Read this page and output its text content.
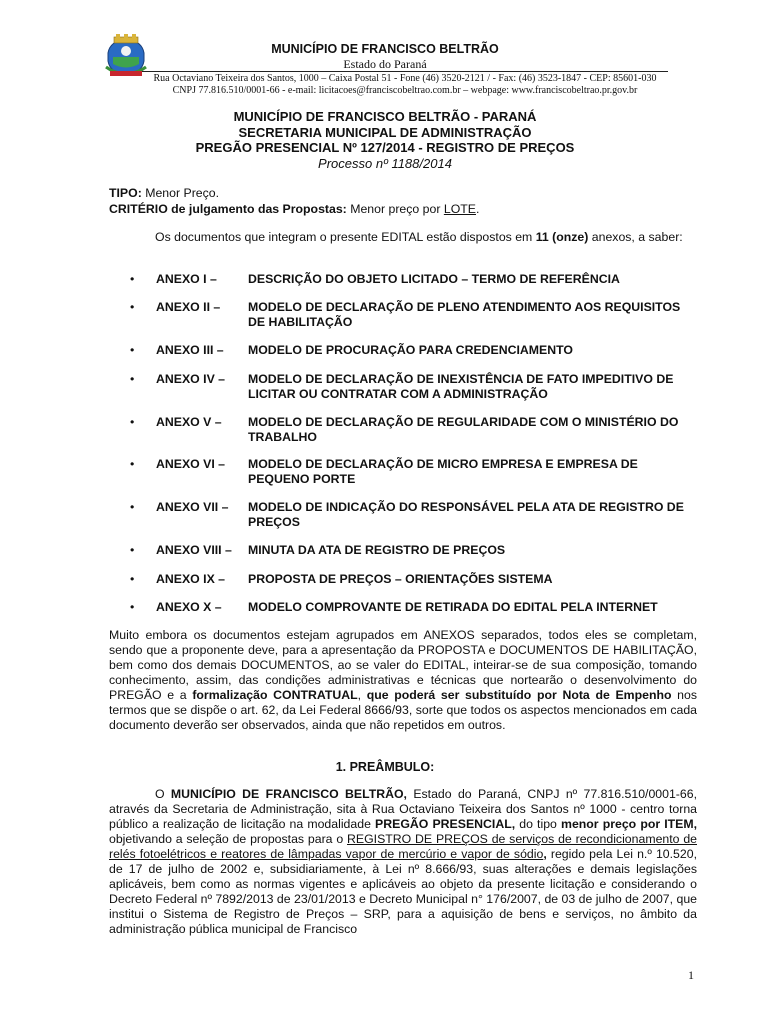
MUNICÍPIO DE FRANCISCO BELTRÃO
Estado do Paraná
Rua Octaviano Teixeira dos Santos, 1000 – Caixa Postal 51 - Fone (46) 3520-2121 / - Fax: (46) 3523-1847 - CEP: 85601-030
CNPJ 77.816.510/0001-66 - e-mail: licitacoes@franciscobeltrao.com.br – webpage: www.franciscobeltrao.pr.gov.br
MUNICÍPIO DE FRANCISCO BELTRÃO - PARANÁ
SECRETARIA MUNICIPAL DE ADMINISTRAÇÃO
PREGÃO PRESENCIAL Nº 127/2014 - REGISTRO DE PREÇOS
Processo nº 1188/2014
TIPO: Menor Preço.
CRITÉRIO de julgamento das Propostas: Menor preço por LOTE.
Os documentos que integram o presente EDITAL estão dispostos em 11 (onze) anexos, a saber:
• ANEXO I –	DESCRIÇÃO DO OBJETO LICITADO – TERMO DE REFERÊNCIA
• ANEXO II – MODELO DE DECLARAÇÃO DE PLENO ATENDIMENTO AOS REQUISITOS DE HABILITAÇÃO
• ANEXO III – MODELO DE PROCURAÇÃO PARA CREDENCIAMENTO
• ANEXO IV – MODELO DE DECLARAÇÃO DE INEXISTÊNCIA DE FATO IMPEDITIVO DE LICITAR OU CONTRATAR COM A ADMINISTRAÇÃO
• ANEXO V – MODELO DE DECLARAÇÃO DE REGULARIDADE COM O MINISTÉRIO DO TRABALHO
• ANEXO VI – MODELO DE DECLARAÇÃO DE MICRO EMPRESA E EMPRESA DE PEQUENO PORTE
• ANEXO VII – MODELO DE INDICAÇÃO DO RESPONSÁVEL PELA ATA DE REGISTRO DE PREÇOS
• ANEXO VIII – MINUTA DA ATA DE REGISTRO DE PREÇOS
• ANEXO IX – PROPOSTA DE PREÇOS – ORIENTAÇÕES SISTEMA
• ANEXO X – MODELO COMPROVANTE DE RETIRADA DO EDITAL PELA INTERNET
Muito embora os documentos estejam agrupados em ANEXOS separados, todos eles se completam, sendo que a proponente deve, para a apresentação da PROPOSTA e DOCUMENTOS DE HABILITAÇÃO, bem como dos demais DOCUMENTOS, ao se valer do EDITAL, inteirar-se de sua composição, tomando conhecimento, assim, das condições administrativas e técnicas que nortearão o desenvolvimento do PREGÃO e a formalização CONTRATUAL, que poderá ser substituído por Nota de Empenho nos termos que se dispõe o art. 62, da Lei Federal 8666/93, sorte que todos os aspectos mencionados em cada documento deverão ser observados, ainda que não repetidos em outros.
1. PREÂMBULO:
O MUNICÍPIO DE FRANCISCO BELTRÃO, Estado do Paraná, CNPJ nº 77.816.510/0001-66, através da Secretaria de Administração, sita à Rua Octaviano Teixeira dos Santos nº 1000 - centro torna público a realização de licitação na modalidade PREGÃO PRESENCIAL, do tipo menor preço por ITEM, objetivando a seleção de propostas para o REGISTRO DE PREÇOS de serviços de recondicionamento de relés fotoelétricos e reatores de lâmpadas vapor de mercúrio e vapor de sódio, regido pela Lei n.º 10.520, de 17 de julho de 2002 e, subsidiariamente, à Lei nº 8.666/93, suas alterações e demais legislações aplicáveis, bem como as normas vigentes e aplicáveis ao objeto da presente licitação e considerando o Decreto Federal nº 7892/2013 de 23/01/2013 e Decreto Municipal n° 176/2007, de 03 de julho de 2007, que institui o Sistema de Registro de Preços – SRP, para a aquisição de bens e serviços, no âmbito da administração pública municipal de Francisco
1
